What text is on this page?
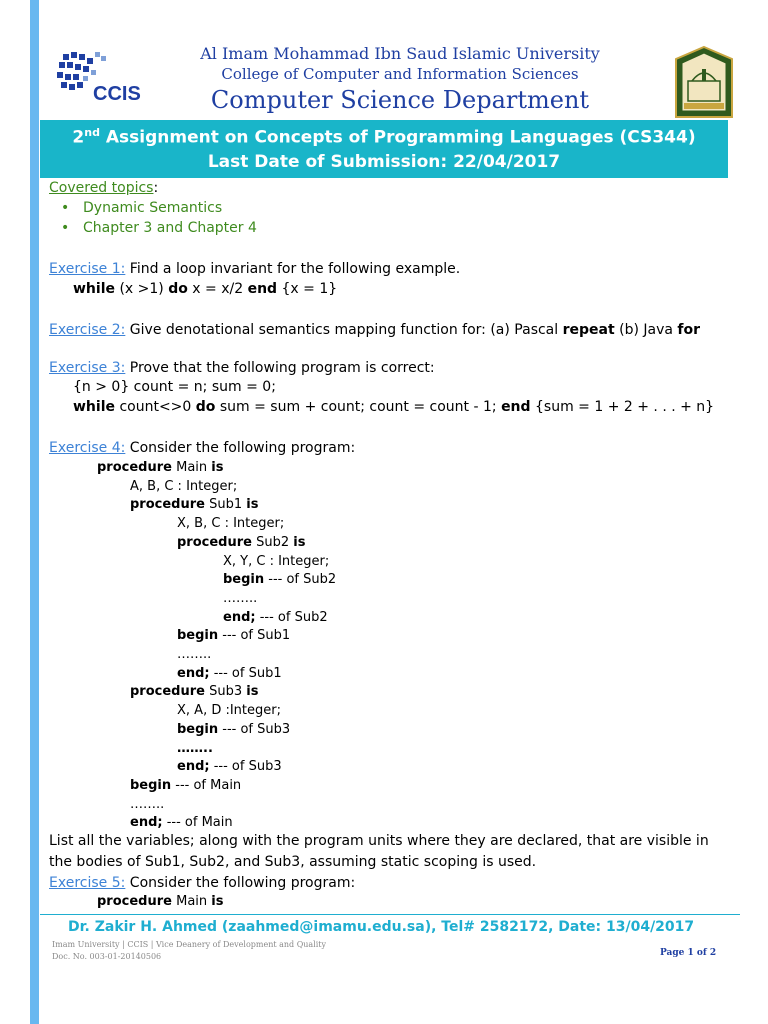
CCIS
Al Imam Mohammad Ibn Saud Islamic University
College of Computer and Information Sciences
Computer Science Department
2nd Assignment on Concepts of Programming Languages (CS344)
Last Date of Submission: 22/04/2017
Covered topics:
• Dynamic Semantics
• Chapter 3 and Chapter 4
Exercise 1: Find a loop invariant for the following example.
while (x >1) do x = x/2 end {x = 1}
Exercise 2: Give denotational semantics mapping function for: (a) Pascal repeat (b) Java for
Exercise 3: Prove that the following program is correct:
{n > 0} count = n; sum = 0;
while count<>0 do sum = sum + count; count = count - 1; end {sum = 1 + 2 + . . . + n}
Exercise 4: Consider the following program:
procedure Main is
A, B, C : Integer;
procedure Sub1 is
X, B, C : Integer;
procedure Sub2 is
X, Y, C : Integer;
begin --- of Sub2
……..
end; --- of Sub2
begin --- of Sub1
……..
end; --- of Sub1
procedure Sub3 is
X, A, D :Integer;
begin --- of Sub3
……..
end; --- of Sub3
begin --- of Main
……..
end; --- of Main
List all the variables; along with the program units where they are declared, that are visible in
the bodies of Sub1, Sub2, and Sub3, assuming static scoping is used.
Exercise 5: Consider the following program:
procedure Main is
Dr. Zakir H. Ahmed (zaahmed@imamu.edu.sa), Tel# 2582172, Date: 13/04/2017
Imam University | CCIS | Vice Deanery of Development and Quality
Doc. No. 003-01-20140506	Page 1 of 2
